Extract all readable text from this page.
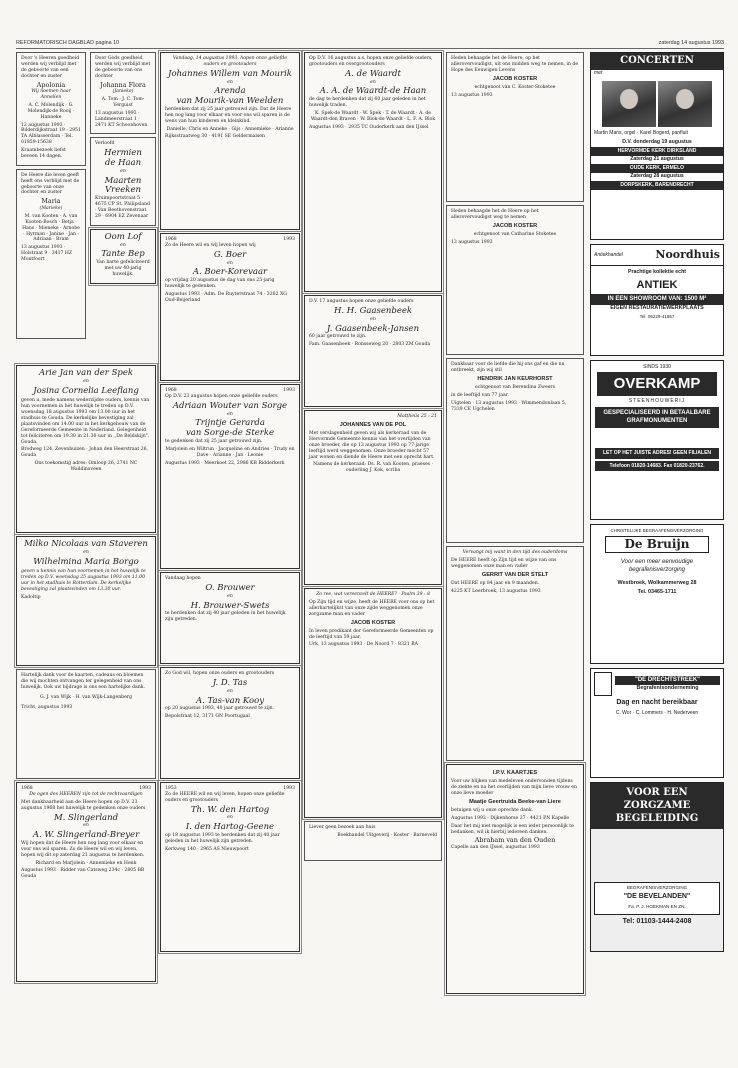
REFORMATORISCH DAGBLAD pagina 10	zaterdag 14 augustus 1993

Door 's Heeren goedheid werden wij verblijd met de geboorte van een dochter en zuster

Apolonia

Wij noemen haar Annelien

A. C. Molendijk · G. Molendijk-de Rooij · Hanneke

12 augustus 1993 · Bilderdijkstraat 19 · 2951 TA Alblasserdam · Tel. 01859-15638

Kraambezoek liefst beveen 14 dagen.

De Heere die leven geeft heeft ons verblijd met de geboorte van onze dochter en zuster

Maria

(Marieke)

M. van Kooten · A. van Kooten-Bosch · Betja · Hans · Mieneke · Arnobe · Hyrman · Janine · Jan · Adriaan · Bram

13 augustus 1993 · Holstraat 9 · 3417 HZ Montfoort

Door Gods goedheid werden wij verblijd met de geboorte van ons dochter

Johanna Flora

(Janieke)

A. Tom · J. C. Tom-Verguist

13 augustus 1993 · Landmeerstraat 1 · 2471 KT Schoonhoven

Verloofd

Hermien
de Haan

en

Maarten
Vreeken

Kruimpoortstraat 5 · 4675 CP St. Philipsland · Van Beethovenstraat 29 · 6904 EZ Zevenaar

Oom Lof

en

Tante Bep

Van harte gefeliciteerd met uw 40-jarig huwelijk.

Arie Jan van der Spek

en

Josina Cornelia Leeflang

geven u, mede namens wederzijdse ouders, kennis van hun voornemen in het huwelijk te treden op D.V. woensdag 18 augustus 1993 om 13.00 uur in het stadhuis te Gouda. De kerkelijke bevestiging zal plaatsvinden om 14.00 uur in het kerkgebouw van de Gereformeerde Gemeente in Nederland. Gelegenheid tot feliciteren om 19.30 in 21.30 uur in ,,De Beldskijn", Gouda.

Brodweg 124, Zevenhuizen · Johan den Heerstraat 26, Gouda

Ons toekomstig adres: Omloop 26, 2741 NC Waddinxveen

Milko Nicolaas van Staveren

en

Wilhelmina Maria Borgo

geven u kennis van hun voornemen in het huwelijk te treden op D.V. woensdag 25 augustus 1993 om 11.00 uur in het stadhuis te Rotterdam. De kerkelijke bevestiging zal plaatsvinden om 13.30 uur.

Kadoltip

Hartelijk dank voor de kaarten, cadeaus en bloemen die wij mochten ontvangen ter gelegenheid van ons huwelijk. Ook uw bijdrage is ons een hartelijke dank.

G. J. van Wijk · H. van Wijk-Langenberg

Tricht, augustus 1993

1968	1993

De ogen des HEEREN zijn tot de rechtvaardigen

Met dankbaarheid aan de Heere hopen op D.V. 23 augustus 1968 het huwelijk te gedenken onze ouders

M. Slingerland

en

A. W. Slingerland-Breyer

Wij hopen dat de Heere hen nog lang voor elkaar en voor ons wil sparen. Zo de Heere wil en wij leven, hopen wij dit op zaterdag 21 augustus te herdenken.

Richard en Marjolein · Annemieke en Henk

Augustus 1993 · Ridder van Catsweg 234c · 2805 BB Gouda

Vandaag, 14 augustus 1993, hopen onze geliefde ouders en grootouders

Johannes Willem van Mourik

en

Arenda
van Mourik-van Weelden

herdenken dat zij 25 jaar getrouwd zijn. Dat de Heere hen nog lang voor elkaar en voor ons wil sparen is de wens van hun kinderen en kleinkind.

Danielle, Chris en Anneke · Gijs · Annemieke · Arianne

Rijksstraatweg 30 · 4191 SE Geldermalsen

1968	1993

Zo de Heere wil en wij leven hopen wij

G. Boer

en

A. Boer-Korevaar

op vrijdag 20 augustus de dag van ons 25-jarig huwelijk te gedenken.

Augustus 1993 · Adm. De Ruyterstraat 74 · 3262 XG Oud-Beijerland

1968	1993

Op D.V. 23 augustus hopen onze geliefde ouders

Adriaan Wouter van Sorge

en

Trijntje Gerarda
van Sorge-de Sterke

te gedenken dat zij 25 jaar getrouwd zijn.

Marjolein en Wiltrun · Jacqueline en Andries · Trudy en Dave · Arianne · Jan · Leonie

Augustus 1993 · Meerkoet 22, 2986 KB Ridderkerk

Vandaag hopen

O. Brouwer

en

H. Brouwer-Swets

te herdenken dat zij 40 jaar geleden in het huwelijk zijn getreden.

Zo God wil, hopen onze ouders en grootouders

J. D. Tas

en

A. Tas-van Kooy

op 20 augustus 1993, 40 jaar getrouwd te zijn.

Bepolstraat 12, 3171 GN Poortugaal

1953	1993

Zo de HEERE wil en wij leven, hopen onze geliefde ouders en grootouders

Th. W. den Hartog

en

I. den Hartog-Geene

op 18 augustus 1993 te herdenken dat zij 40 jaar geleden in het huwelijk zijn getreden.

Kerkweg 140 · 2965 AS Nieuwpoort

Op D.V. 16 augustus a.s. hopen onze geliefde ouders, grootouders en overgrootouders

A. de Waardt

en

A. A. de Waardt-de Haan

de dag te herdenken dat zij 60 jaar geleden in het huwelijk traden.

K. Spek-de Waardt · W. Spek · T. de Waardt · A. de Waardt-den Braven · W. Blok-de Waardt · L. F. A. Blok

Augustus 1993 · 2935 TC Ouderkerk aan den IJssel

D.V. 17 augustus hopen onze geliefde ouders

H. H. Gaasenbeek

en

J. Gaasenbeek-Jansen

60 jaar getrouwd te zijn.

Fam. Gaasenbeek · Ronsseweg 20 · 2803 ZM Gouda

Mattheüs 25 : 21

JOHANNES VAN DE POL

Met verslagenheid geven wij als kerkeraad van de Hervormde Gemeente kennis van het overlijden van onze broeder, die op 13 augustus 1993 op 77-jarige leeftijd werd weggenomen. Onze broeder mocht 57 jaar wonen en diende de Heere met een oprecht hart.

Namens de kerkeraad: Ds. R. van Kooten, praeses · ouderling J. Kok, scriba

Zo ree, wat vereenzelt de HEERE? · Psalm 39 : 8

Op Zijn tijd en wijze, heeft de HEERE voor ons op het allerhartelijkst van onze zijde weggenomen onze zorgzame man en vader

JACOB KOSTER

In leven predikant der Gereformeerde Gemeenten op de leeftijd van 59 jaar.

Urk, 13 augustus 1993 · De Noord 7 · 8321 BA

Liever geen bezoek aan huis

Boekhandel Uitgeverij · Koster · Barneveld

Heden behaagde het de Heere, op het allerovervoudigst, uit ons midden weg te nemen, in de Hope des Eeuwigen Levens

JACOB KOSTER

echtgenoot van C. Koster-Stoketee

13 augustus 1993

Heden behaagde het de Heere op het allerovervoudigst weg te nemen

JACOB KOSTER

echtgenoot van Catharine Stoketee

13 augustus 1993

Dankbaar voor de liefde die hij ons gaf en die nu ontbreekt, zijn wij stil

HENDRIK JAN KEURHORST

echtgenoot van Berendina Zweers

in de leeftijd van 77 jaar.

Uigtelen · 13 augustus 1993 · Wimmendonlaan 5, 7339 CE Ugchelen

Vervangt mij want in den tijd des ouderdoms

De HEERE heeft op Zijn tijd en wijze van ons weggenomen onze man en vader

GERRIT VAN DER STELT

Dat HEERE op 84 jaar en 9 maanden.

4225 KT Leerbroek, 13 augustus 1993

I.P.V. KAARTJES

Voor uw blijken van medeleven ondervonden tijdens de ziekte en na het overlijden van mijn lieve vrouw en onze lieve moeder

Maatje Geertruida Beeke-van Liere

betuigen wij u onze oprechte dank.

Augustus 1993 · Dijkenhorse 27 · 4421 PN Kapelle

Daar het mij niet mogelijk is een ieder persoonlijk te bedanken, wil ik hierbij iedereen danken.

Abraham van den Ouden

Capelle aan den IJssel, augustus 1993

CONCERTEN

met

Martin Mans, orgel · Karel Bogerd, panfluit

D.V. donderdag 19 augustus

HERVORMDE KERK DIRKSLAND

Zaterdag 21 augustus

OUDE KERK, ERMELO

Zaterdag 28 augustus

DORPSKERK, BARENDRECHT
Antiekhandel	Noordhuis

Prachtige kollektie echt

ANTIEK

IN EEN SHOWROOM VAN: 1500 M²

EIGEN RESTAURATIEWERKPLAATS

Tel. 06229-41867

SINDS 1930

OVERKAMP

STEENHOUWERIJ

GESPECIALISEERD IN BETAALBARE GRAFMONUMENTEN
LET OP HET JUISTE ADRES! GEEN FILIALEN
Telefoon 01820-14683. Fax 01820-23762.

CHRISTELIJKE BEGRAAFENISVERZORGING

De Bruijn

Voor een meer eenvoudige begrafenisverzorging

Westbroek, Wolkammerweg 28

Tel. 03465-1711

"DE DRECHTSTREEK"
Begrafenisonderneming

Dag en nacht bereikbaar

C. Wor · C. Lommers · H. Nederveen

VOOR EEN ZORGZAME
BEGELEIDING

BEGRAFENISVERZORGING

"DE BEVELANDEN"

Fa. P. J. HOEKMAN EN ZN.

Tel: 01103-1444-2408
